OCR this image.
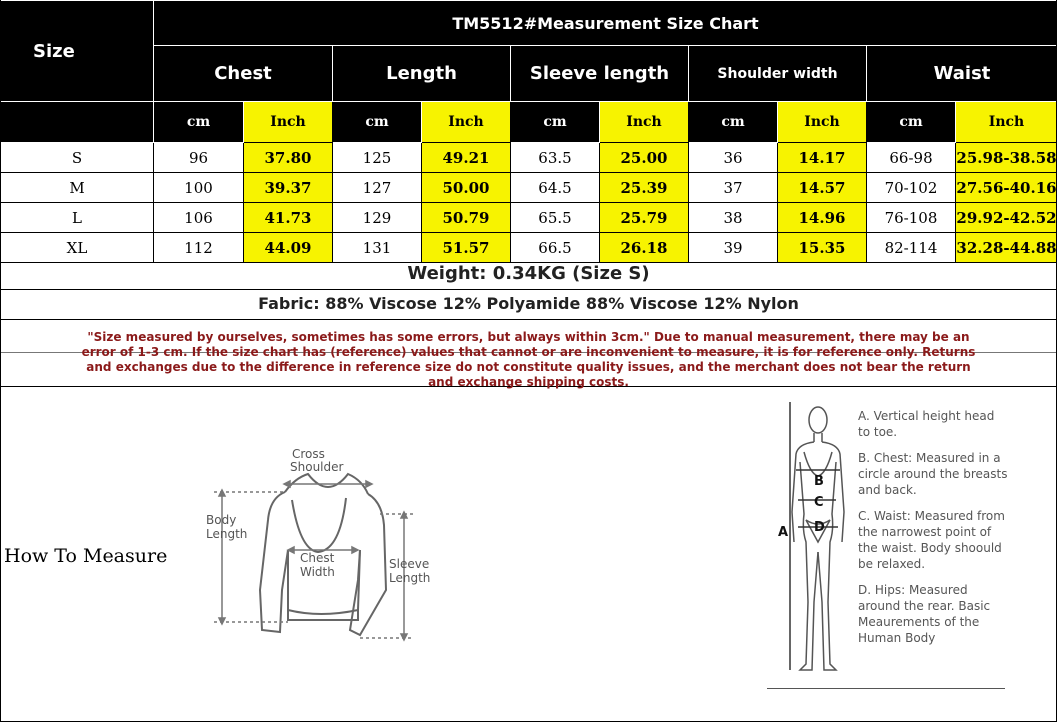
Size	TM5512#Measurement Size Chart									
	Chest		Length		Sleeve length		Shoulder width		Waist	
	cm	Inch	cm	Inch	cm	Inch	cm	Inch	cm	Inch
S	96	37.80	125	49.21	63.5	25.00	36	14.17	66-98	25.98-38.58
M	100	39.37	127	50.00	64.5	25.39	37	14.57	70-102	27.56-40.16
L	106	41.73	129	50.79	65.5	25.79	38	14.96	76-108	29.92-42.52
XL	112	44.09	131	51.57	66.5	26.18	39	15.35	82-114	32.28-44.88
Weight: 0.34KG (Size S)
Fabric: 88% Viscose 12% Polyamide 88% Viscose 12% Nylon
"Size measured by ourselves, sometimes has some errors, but always within 3cm." Due to manual measurement, there may be an error of 1-3 cm. If the size chart has (reference) values that cannot or are inconvenient to measure, it is for reference only. Returns and exchanges due to the difference in reference size do not constitute quality issues, and the merchant does not bear the return and exchange shipping costs.
How To Measure
Cross
Shoulder
Body
Length
Chest
Width
Sleeve
Length
A
B
C
D
A. Vertical height head to toe.
B. Chest: Measured in a circle around the breasts and back.
C. Waist: Measured from the narrowest point of the waist. Body shoould be relaxed.
D. Hips: Measured around the rear. Basic Meaurements of the Human Body
